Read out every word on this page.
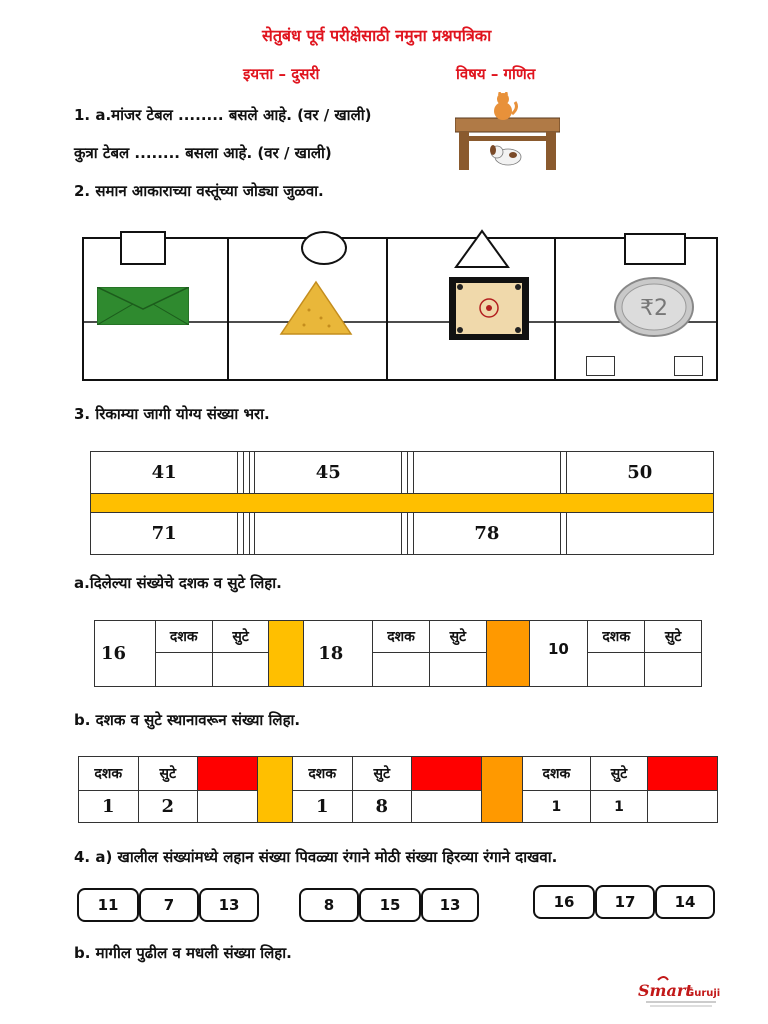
सेतुबंध पूर्व परीक्षेसाठी नमुना प्रश्नपत्रिका
इयत्ता – दुसरी	विषय – गणित
1. a.मांजर टेबल ........ बसले आहे. (वर / खाली)
कुत्रा टेबल ........ बसला आहे. (वर / खाली)
2. समान आकाराच्या वस्तूंच्या जोड्या जुळवा.
₹2
3. रिकाम्या जागी योग्य संख्या भरा.
41				45					50

71							78		
a.दिलेल्या संख्येचे दशक व सुटे लिहा.
16	दशक	सुटे		18	दशक	सुटे		10	दशक	सुटे

b. दशक व सुटे स्थानावरून संख्या लिहा.
दशक	सुटे			दशक	सुटे			दशक	सुटे	
1	2			1	8			1	1	
4. a) खालील संख्यांमध्ये लहान संख्या पिवळ्या रंगाने मोठी संख्या हिरव्या रंगाने दाखवा.
11	7	13	8	15	13	16	17	14
b. मागील पुढील व मधली संख्या लिहा.
Smart
Guruji
